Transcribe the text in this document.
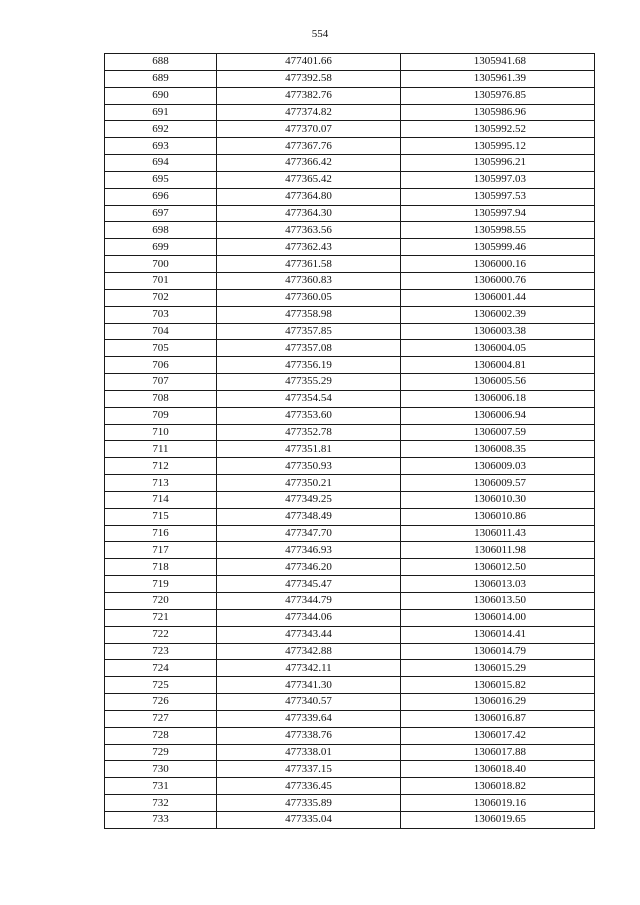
554
688	477401.66	1305941.68
689	477392.58	1305961.39
690	477382.76	1305976.85
691	477374.82	1305986.96
692	477370.07	1305992.52
693	477367.76	1305995.12
694	477366.42	1305996.21
695	477365.42	1305997.03
696	477364.80	1305997.53
697	477364.30	1305997.94
698	477363.56	1305998.55
699	477362.43	1305999.46
700	477361.58	1306000.16
701	477360.83	1306000.76
702	477360.05	1306001.44
703	477358.98	1306002.39
704	477357.85	1306003.38
705	477357.08	1306004.05
706	477356.19	1306004.81
707	477355.29	1306005.56
708	477354.54	1306006.18
709	477353.60	1306006.94
710	477352.78	1306007.59
711	477351.81	1306008.35
712	477350.93	1306009.03
713	477350.21	1306009.57
714	477349.25	1306010.30
715	477348.49	1306010.86
716	477347.70	1306011.43
717	477346.93	1306011.98
718	477346.20	1306012.50
719	477345.47	1306013.03
720	477344.79	1306013.50
721	477344.06	1306014.00
722	477343.44	1306014.41
723	477342.88	1306014.79
724	477342.11	1306015.29
725	477341.30	1306015.82
726	477340.57	1306016.29
727	477339.64	1306016.87
728	477338.76	1306017.42
729	477338.01	1306017.88
730	477337.15	1306018.40
731	477336.45	1306018.82
732	477335.89	1306019.16
733	477335.04	1306019.65
